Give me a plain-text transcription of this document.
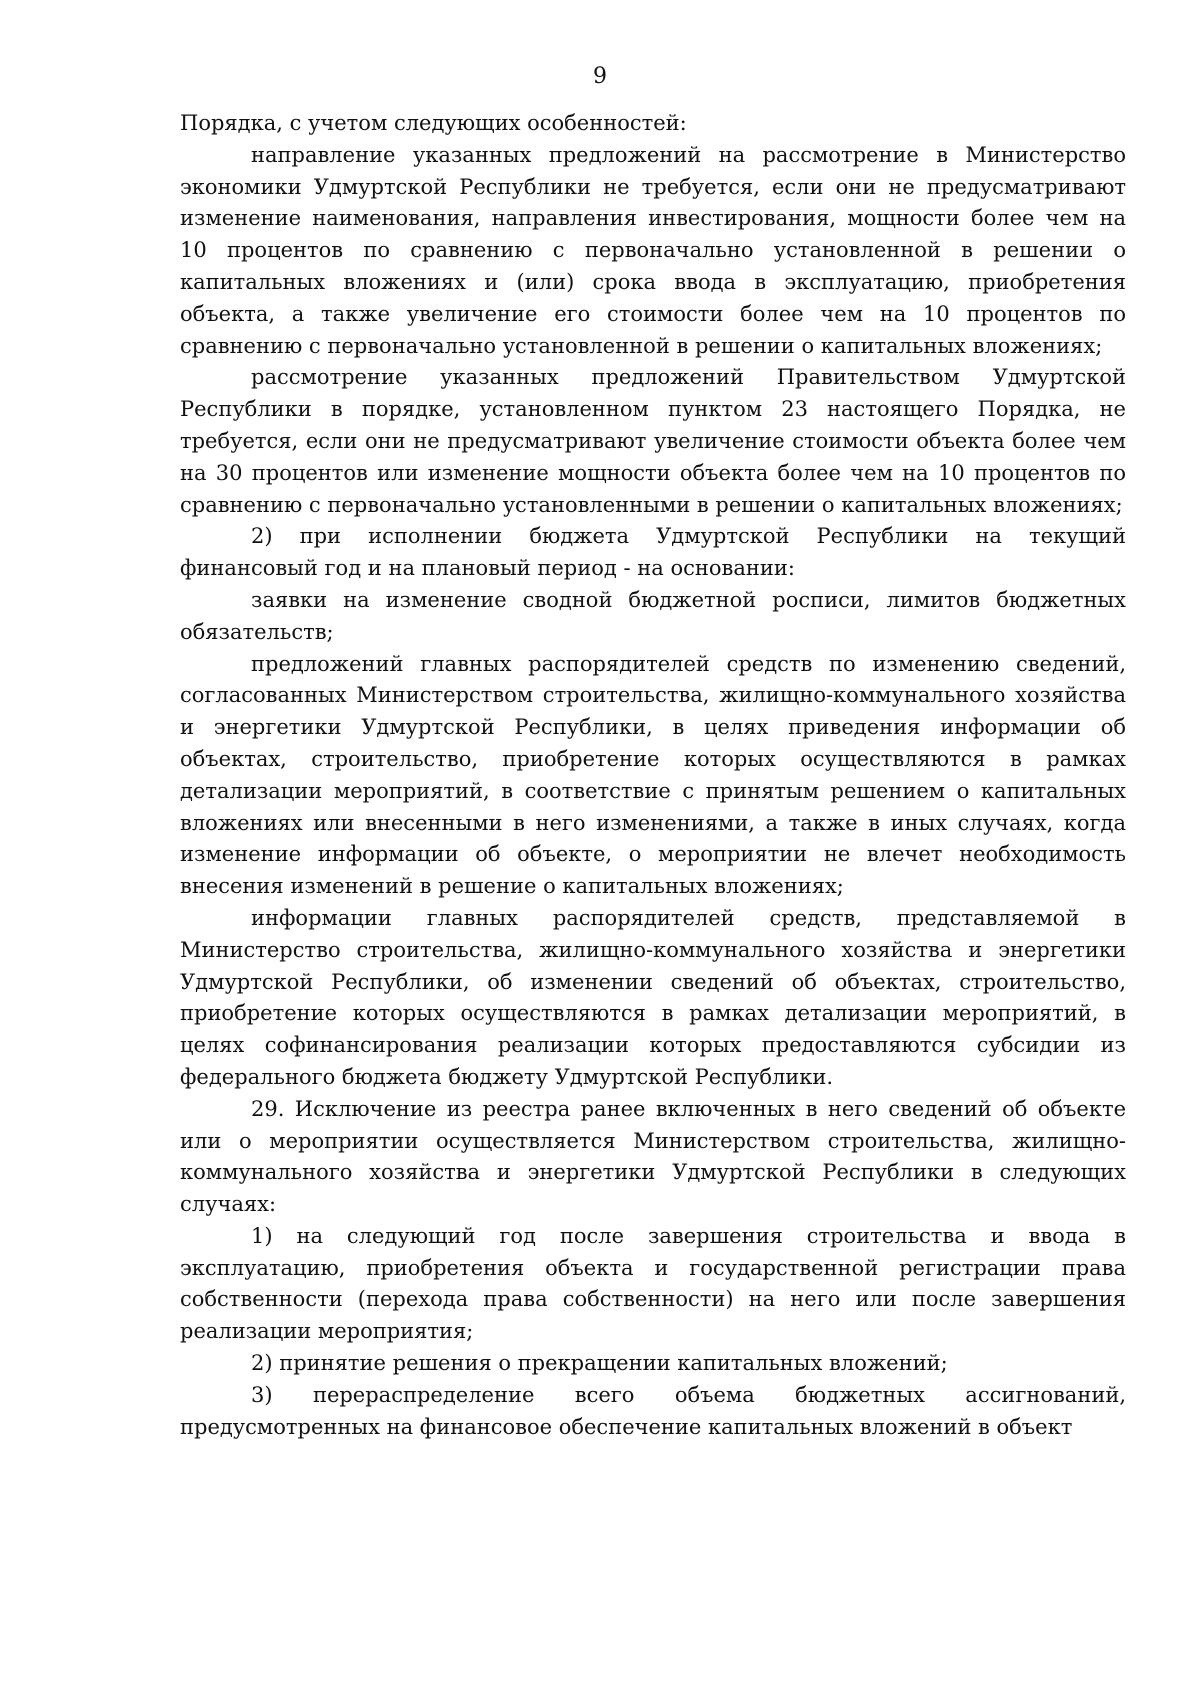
9

Порядка, с учетом следующих особенностей:

направление указанных предложений на рассмотрение в Министерство экономики Удмуртской Республики не требуется, если они не предусматривают изменение наименования, направления инвестирования, мощности более чем на 10 процентов по сравнению с первоначально установленной в решении о капитальных вложениях и (или) срока ввода в эксплуатацию, приобретения объекта, а также увеличение его стоимости более чем на 10 процентов по сравнению с первоначально установленной в решении о капитальных вложениях;

рассмотрение указанных предложений Правительством Удмуртской Республики в порядке, установленном пунктом 23 настоящего Порядка, не требуется, если они не предусматривают увеличение стоимости объекта более чем на 30 процентов или изменение мощности объекта более чем на 10 процентов по сравнению с первоначально установленными в решении о капитальных вложениях;

2) при исполнении бюджета Удмуртской Республики на текущий финансовый год и на плановый период - на основании:

заявки на изменение сводной бюджетной росписи, лимитов бюджетных обязательств;

предложений главных распорядителей средств по изменению сведений, согласованных Министерством строительства, жилищно-коммунального хозяйства и энергетики Удмуртской Республики, в целях приведения информации об объектах, строительство, приобретение которых осуществляются в рамках детализации мероприятий, в соответствие с принятым решением о капитальных вложениях или внесенными в него изменениями, а также в иных случаях, когда изменение информации об объекте, о мероприятии не влечет необходимость внесения изменений в решение о капитальных вложениях;

информации главных распорядителей средств, представляемой в Министерство строительства, жилищно-коммунального хозяйства и энергетики Удмуртской Республики, об изменении сведений об объектах, строительство, приобретение которых осуществляются в рамках детализации мероприятий, в целях софинансирования реализации которых предоставляются субсидии из федерального бюджета бюджету Удмуртской Республики.

29. Исключение из реестра ранее включенных в него сведений об объекте или о мероприятии осуществляется Министерством строительства, жилищно-коммунального хозяйства и энергетики Удмуртской Республики в следующих случаях:

1) на следующий год после завершения строительства и ввода в эксплуатацию, приобретения объекта и государственной регистрации права собственности (перехода права собственности) на него или после завершения реализации мероприятия;

2) принятие решения о прекращении капитальных вложений;

3) перераспределение всего объема бюджетных ассигнований, предусмотренных на финансовое обеспечение капитальных вложений в объект
